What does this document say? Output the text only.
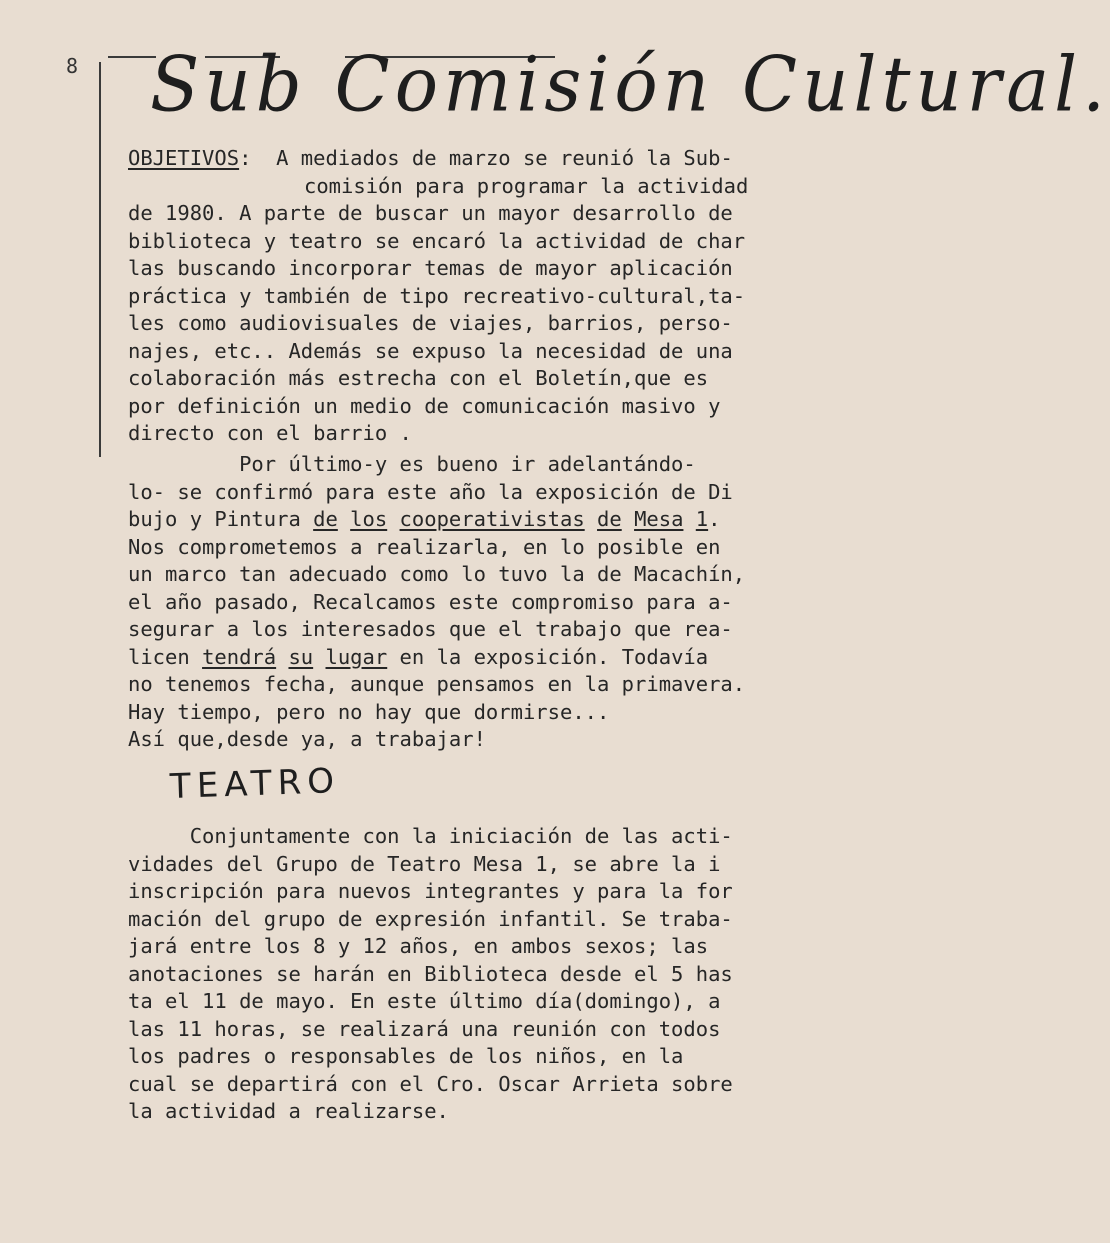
8 Sub Comisión Cultural.
OBJETIVOS: A mediados de marzo se reunió la Sub-
comisión para programar la actividad
de 1980. A parte de buscar un mayor desarrollo de
biblioteca y teatro se encaró la actividad de char
las buscando incorporar temas de mayor aplicación
práctica y también de tipo recreativo-cultural,ta-
les como audiovisuales de viajes, barrios, perso-
najes, etc.. Además se expuso la necesidad de una
colaboración más estrecha con el Boletín,que es
por definición un medio de comunicación masivo y
directo con el barrio .
Por último-y es bueno ir adelantándo-
lo- se confirmó para este año la exposición de Di
bujo y Pintura de los cooperativistas de Mesa 1.
Nos comprometemos a realizarla, en lo posible en
un marco tan adecuado como lo tuvo la de Macachín,
el año pasado, Recalcamos este compromiso para a-
segurar a los interesados que el trabajo que rea-
licen tendrá su lugar en la exposición. Todavía
no tenemos fecha, aunque pensamos en la primavera.
Hay tiempo, pero no hay que dormirse...
Así que,desde ya, a trabajar!
TEATRO
Conjuntamente con la iniciación de las acti-
vidades del Grupo de Teatro Mesa 1, se abre la i
inscripción para nuevos integrantes y para la for
mación del grupo de expresión infantil. Se traba-
jará entre los 8 y 12 años, en ambos sexos; las
anotaciones se harán en Biblioteca desde el 5 has
ta el 11 de mayo. En este último día(domingo), a
las 11 horas, se realizará una reunión con todos
los padres o responsables de los niños, en la
cual se departirá con el Cro. Oscar Arrieta sobre
la actividad a realizarse.
